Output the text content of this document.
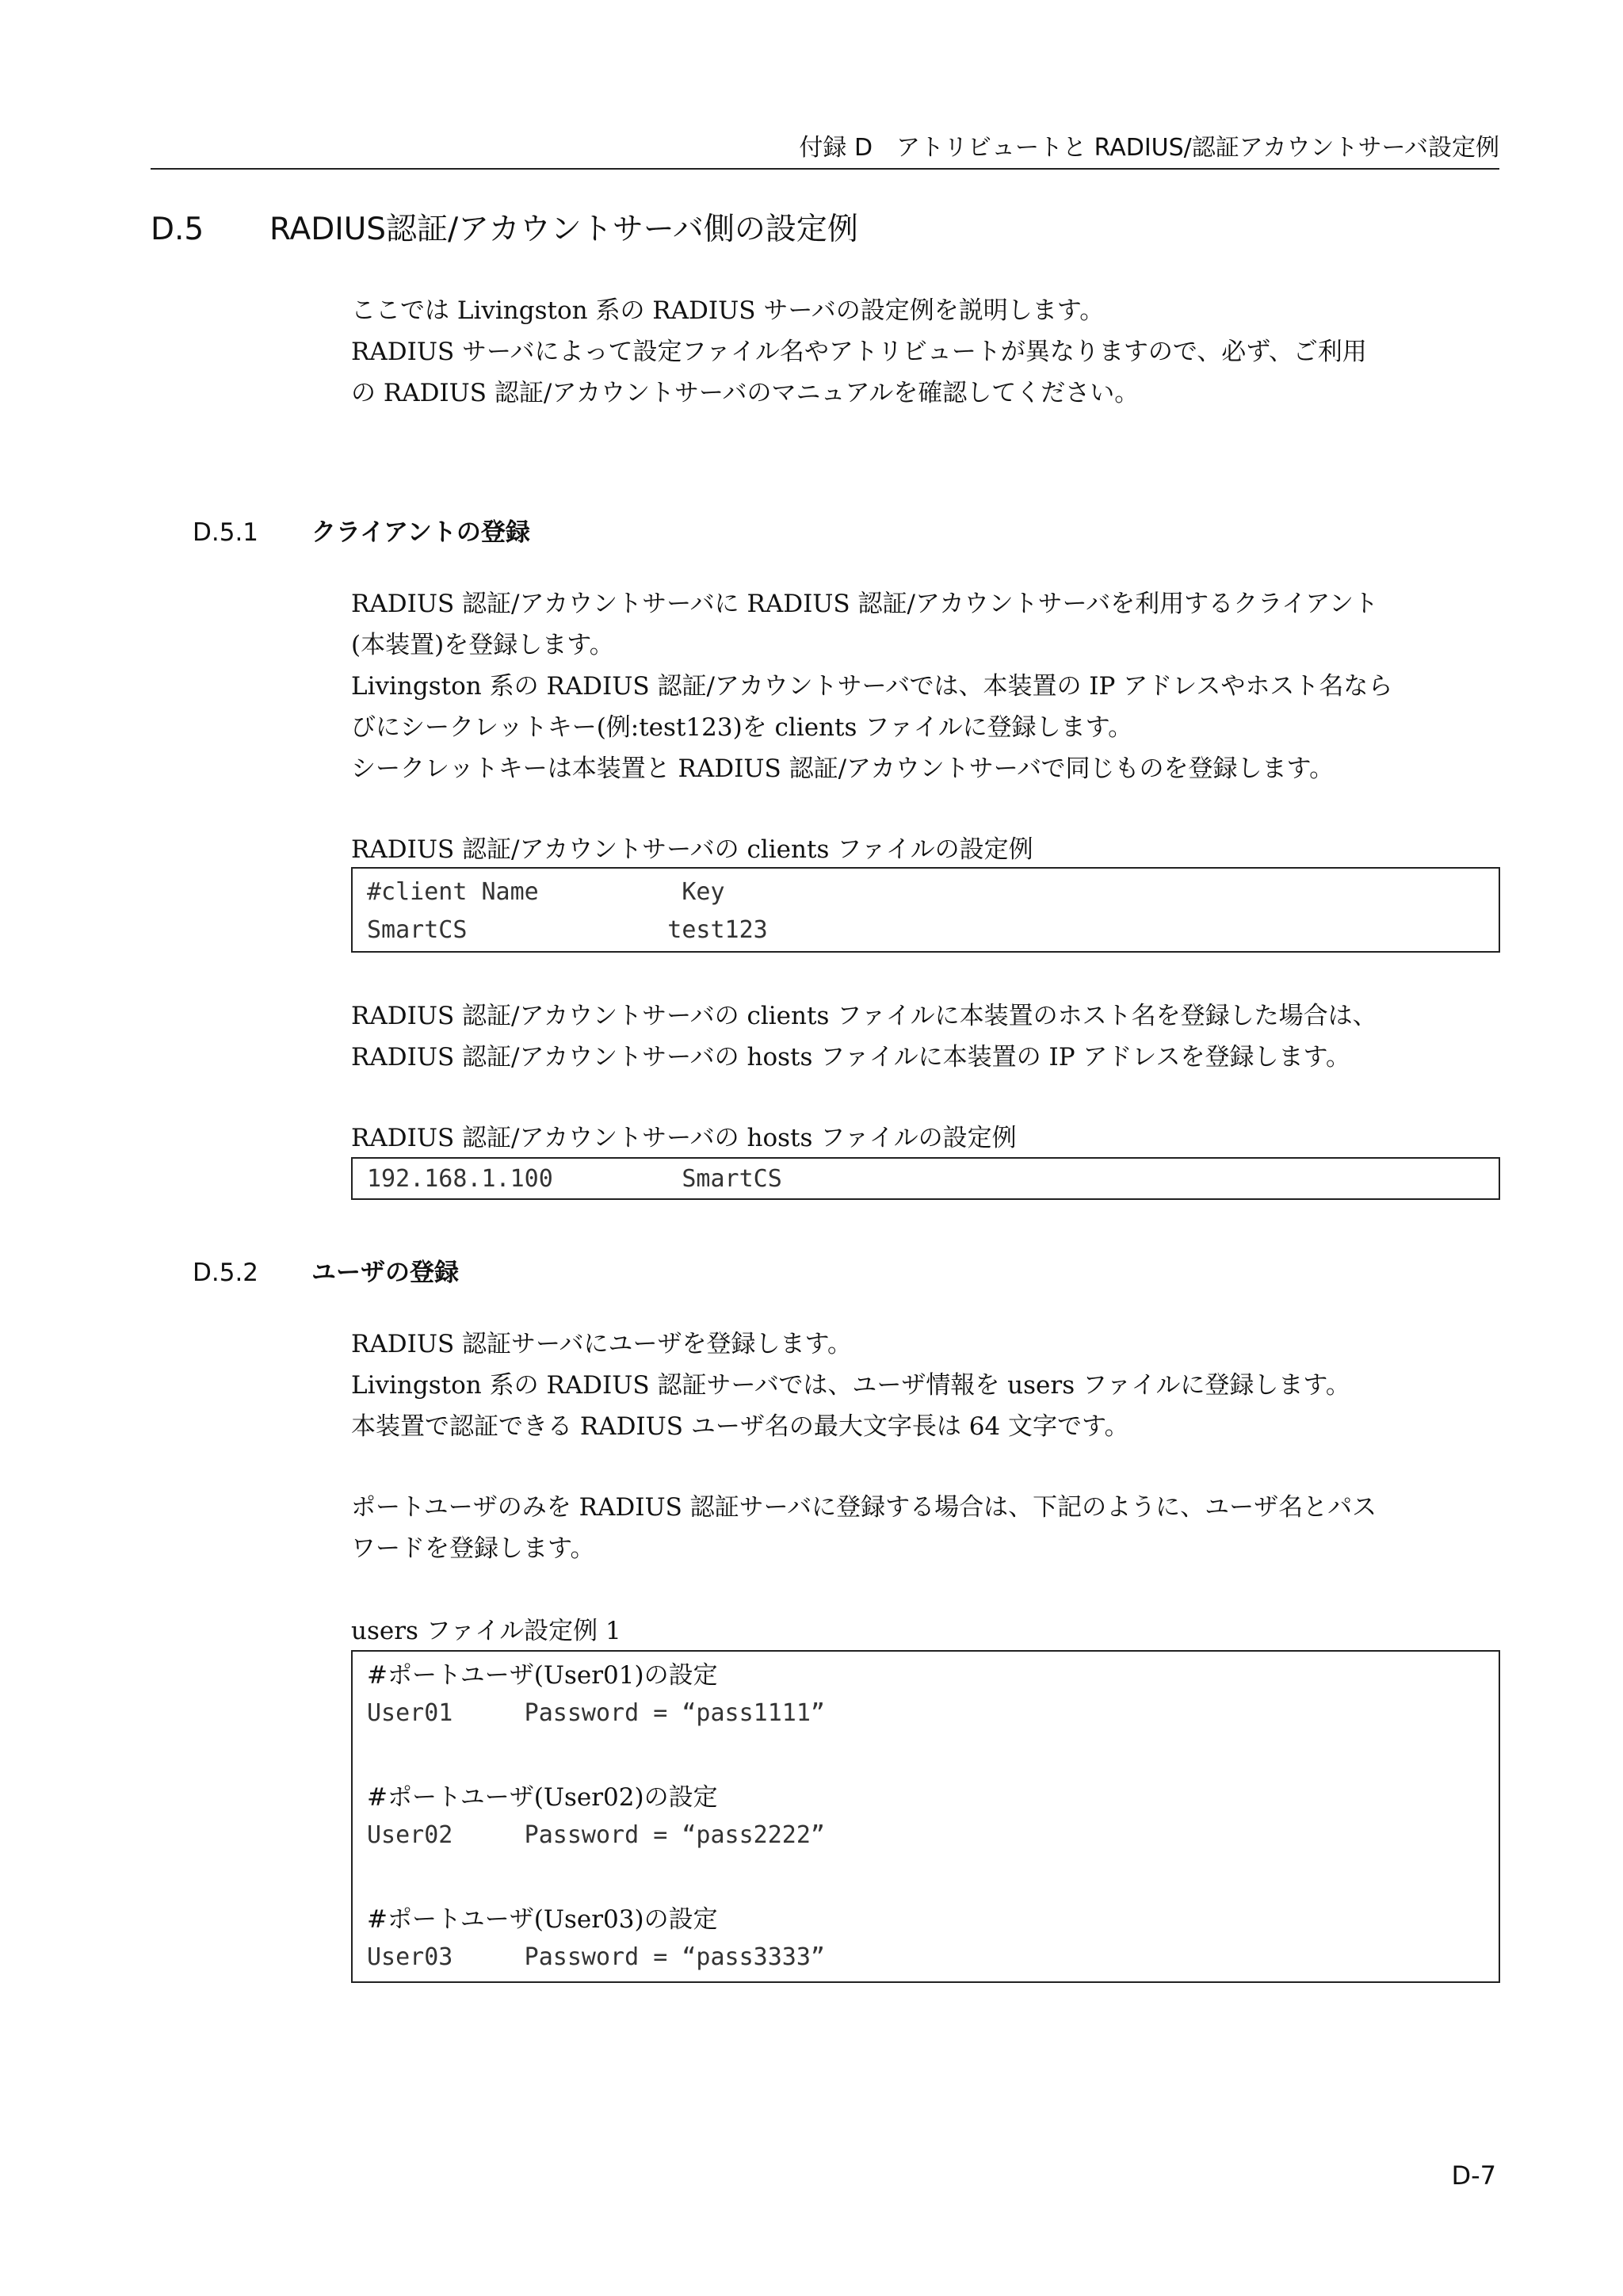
付録 D　アトリビュートと RADIUS/認証アカウントサーバ設定例
D.5 RADIUS認証/アカウントサーバ側の設定例

ここでは Livingston 系の RADIUS サーバの設定例を説明します。

RADIUS サーバによって設定ファイル名やアトリビュートが異なりますので、必ず、ご利用

の RADIUS 認証/アカウントサーバのマニュアルを確認してください。

D.5.1 クライアントの登録

RADIUS 認証/アカウントサーバに RADIUS 認証/アカウントサーバを利用するクライアント

(本装置)を登録します。

Livingston 系の RADIUS 認証/アカウントサーバでは、本装置の IP アドレスやホスト名なら

びにシークレットキー(例:test123)を clients ファイルに登録します。

シークレットキーは本装置と RADIUS 認証/アカウントサーバで同じものを登録します。

RADIUS 認証/アカウントサーバの clients ファイルの設定例
#client Name          Key
SmartCS              test123

RADIUS 認証/アカウントサーバの clients ファイルに本装置のホスト名を登録した場合は、

RADIUS 認証/アカウントサーバの hosts ファイルに本装置の IP アドレスを登録します。

RADIUS 認証/アカウントサーバの hosts ファイルの設定例
192.168.1.100         SmartCS
D.5.2 ユーザの登録

RADIUS 認証サーバにユーザを登録します。

Livingston 系の RADIUS 認証サーバでは、ユーザ情報を users ファイルに登録します。

本装置で認証できる RADIUS ユーザ名の最大文字長は 64 文字です。

ポートユーザのみを RADIUS 認証サーバに登録する場合は、下記のように、ユーザ名とパス

ワードを登録します。

users ファイル設定例 1
#ポートユーザ(User01)の設定
User01     Password = “pass1111”
#ポートユーザ(User02)の設定
User02     Password = “pass2222”
#ポートユーザ(User03)の設定
User03     Password = “pass3333”
D-7
